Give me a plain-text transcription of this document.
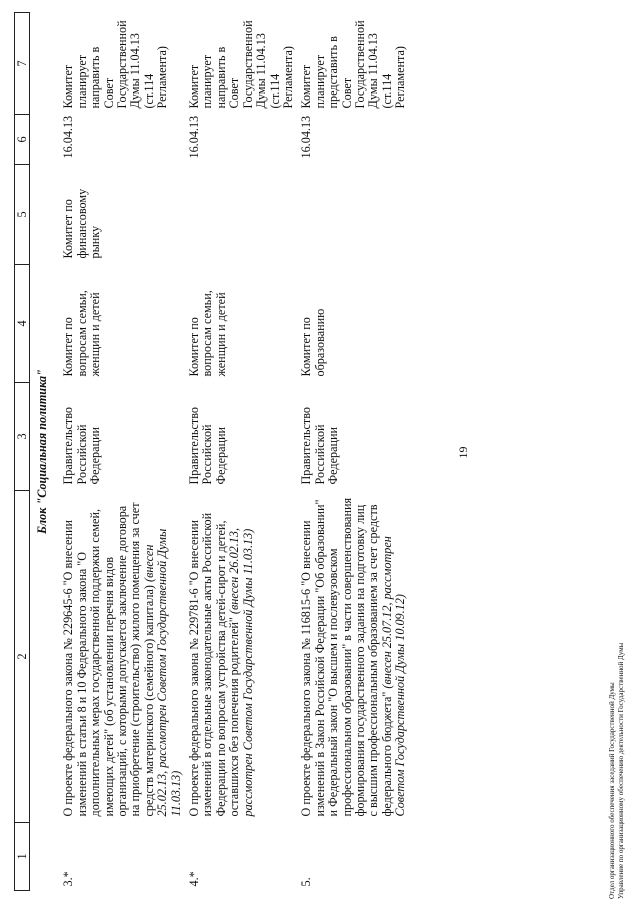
1	2	3	4	5	6	7
Блок "Социальная политика"						
3.*	О проекте федерального закона № 229645-6 "О внесении изменений в статьи 8 и 10 Федерального закона "О дополнительных мерах государственной поддержки семей, имеющих детей" (об установлении перечня видов организаций, с которыми допускается заключение договора на приобретение (строительство) жилого помещения за счет средств материнского (семейного) капитала) (внесен 25.02.13, рассмотрен Советом Государственной Думы 11.03.13)	Правительство Российской Федерации	Комитет по вопросам семьи, женщин и детей	Комитет по финансовому рынку	16.04.13	Комитет планирует направить в Совет Государственной Думы 11.04.13 (ст.114 Регламента)
4.*	О проекте федерального закона № 229781-6 "О внесении изменений в отдельные законодательные акты Российской Федерации по вопросам устройства детей-сирот и детей, оставшихся без попечения родителей" (внесен 26.02.13, рассмотрен Советом Государственной Думы 11.03.13)	Правительство Российской Федерации	Комитет по вопросам семьи, женщин и детей		16.04.13	Комитет планирует направить в Совет Государственной Думы 11.04.13 (ст.114 Регламента)
5.	О проекте федерального закона № 116815-6 "О внесении изменений в Закон Российской Федерации "Об образовании" и Федеральный закон "О высшем и послевузовском профессиональном образовании" в части совершенствования формирования государственного задания на подготовку лиц с высшим профессиональным образованием за счет средств федерального бюджета" (внесен 25.07.12, рассмотрен Советом Государственной Думы 10.09.12)	Правительство Российской Федерации	Комитет по образованию		16.04.13	Комитет планирует представить в Совет Государственной Думы 11.04.13 (ст.114 Регламента)
19
Отдел организационного обеспечения заседаний Государственной Думы Управление по организационному обеспечению деятельности Государственной Думы
